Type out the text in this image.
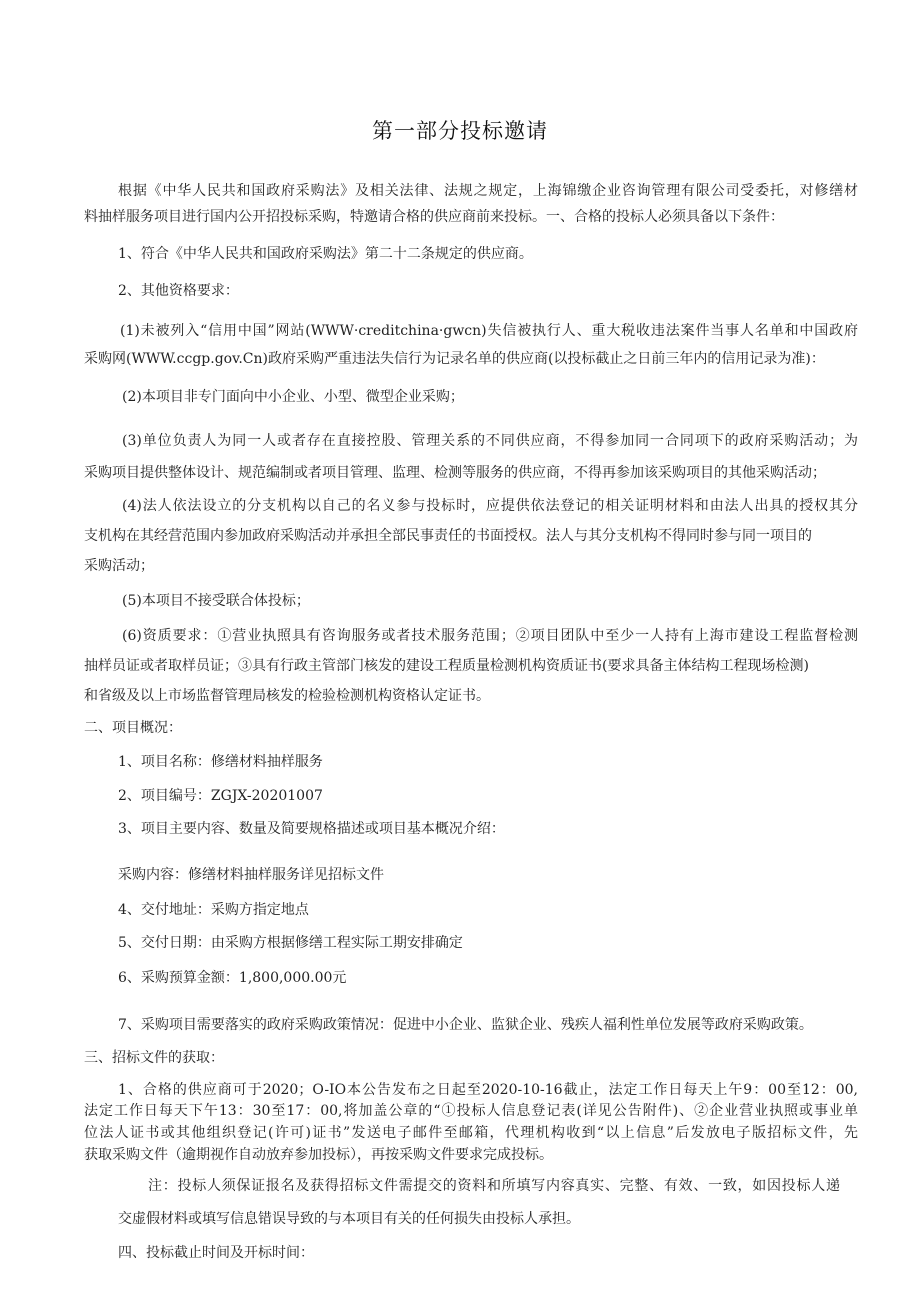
第一部分投标邀请
根据《中华人民共和国政府采购法》及相关法律、法规之规定，上海锦缴企业咨询管理有限公司受委托，对修缮材
料抽样服务项目进行国内公开招投标采购，特邀请合格的供应商前来投标。一、合格的投标人必须具备以下条件：
1、符合《中华人民共和国政府采购法》第二十二条规定的供应商。
2、其他资格要求：
(1)未被列入“信用中国”网站(WWW·creditchina·gwcn)失信被执行人、重大税收违法案件当事人名单和中国政府
采购网(WWW.ccgp.gov.Cn)政府采购严重违法失信行为记录名单的供应商(以投标截止之日前三年内的信用记录为准)：
(2)本项目非专门面向中小企业、小型、微型企业采购；
(3)单位负责人为同一人或者存在直接控股、管理关系的不同供应商，不得参加同一合同项下的政府采购活动；为
采购项目提供整体设计、规范编制或者项目管理、监理、检测等服务的供应商，不得再参加该采购项目的其他采购活动；
(4)法人依法设立的分支机构以自己的名义参与投标时，应提供依法登记的相关证明材料和由法人出具的授权其分
支机构在其经营范围内参加政府采购活动并承担全部民事责任的书面授权。法人与其分支机构不得同时参与同一项目的
采购活动；
(5)本项目不接受联合体投标；
(6)资质要求：①营业执照具有咨询服务或者技术服务范围；②项目团队中至少一人持有上海市建设工程监督检测
抽样员证或者取样员证；③具有行政主管部门核发的建设工程质量检测机构资质证书(要求具备主体结构工程现场检测)
和省级及以上市场监督管理局核发的检验检测机构资格认定证书。
二、项目概况：
1、项目名称：修缮材料抽样服务
2、项目编号：ZGJX-20201007
3、项目主要内容、数量及简要规格描述或项目基本概况介绍：
采购内容：修缮材料抽样服务详见招标文件
4、交付地址：采购方指定地点
5、交付日期：由采购方根据修缮工程实际工期安排确定
6、采购预算金额：1,800,000.00元
7、采购项目需要落实的政府采购政策情况：促进中小企业、监狱企业、残疾人福利性单位发展等政府采购政策。
三、招标文件的获取：
1、合格的供应商可于2020；O-IO本公告发布之日起至2020-10-16截止，法定工作日每天上午9：00至12：00,
法定工作日每天下午13：30至17：00,将加盖公章的“①投标人信息登记表(详见公告附件)、②企业营业执照或事业单
位法人证书或其他组织登记(许可)证书”发送电子邮件至邮箱，代理机构收到“以上信息”后发放电子版招标文件，先
获取采购文件（逾期视作自动放弃参加投标），再按采购文件要求完成投标。
注：投标人须保证报名及获得招标文件需提交的资料和所填写内容真实、完整、有效、一致，如因投标人递
交虚假材料或填写信息错误导致的与本项目有关的任何损失由投标人承担。
四、投标截止时间及开标时间：
